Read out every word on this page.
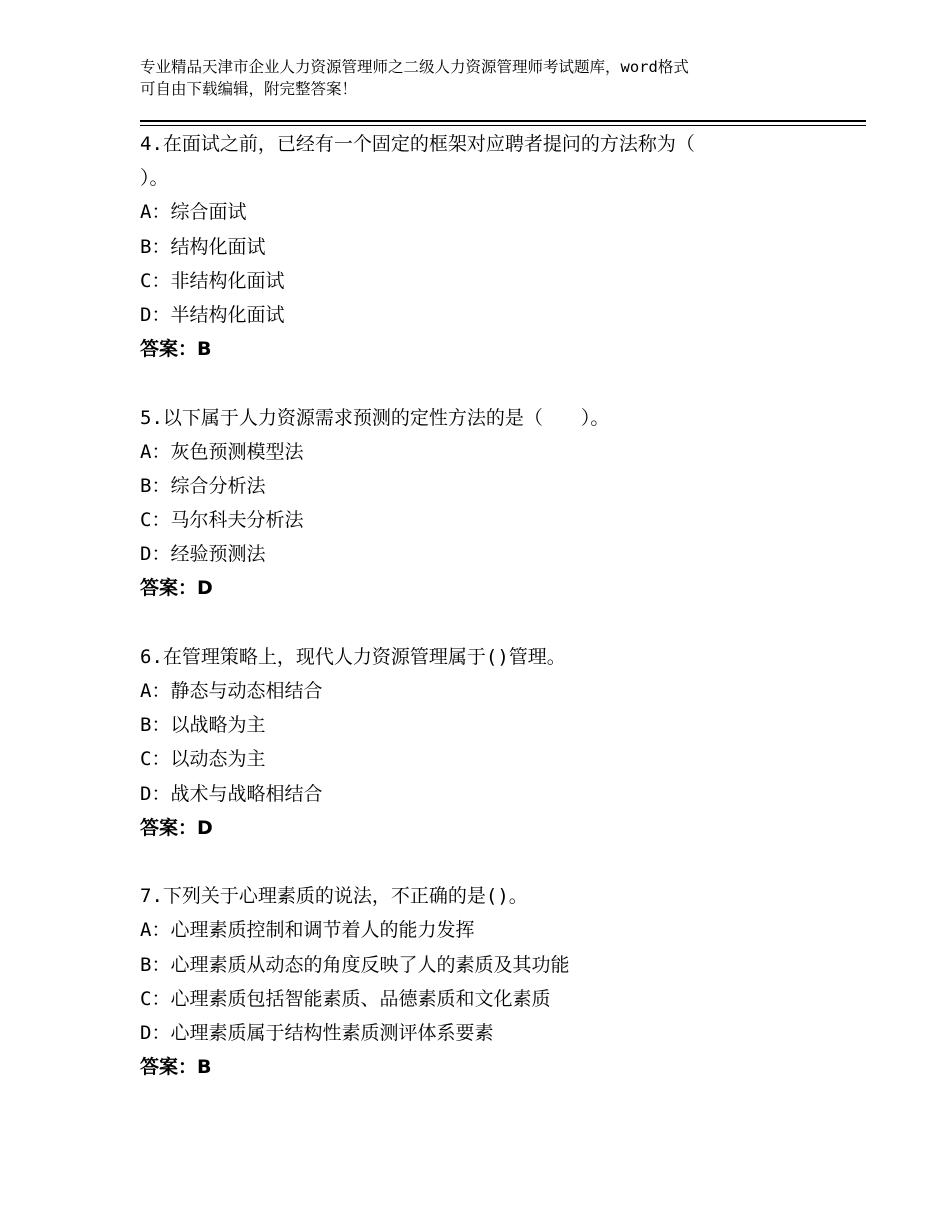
专业精品天津市企业人力资源管理师之二级人力资源管理师考试题库，word格式
可自由下载编辑，附完整答案！
4.在面试之前，已经有一个固定的框架对应聘者提问的方法称为（
）。
A：综合面试
B：结构化面试
C：非结构化面试
D：半结构化面试
答案：B
5.以下属于人力资源需求预测的定性方法的是（　　）。
A：灰色预测模型法
B：综合分析法
C：马尔科夫分析法
D：经验预测法
答案：D
6.在管理策略上，现代人力资源管理属于()管理。
A：静态与动态相结合
B：以战略为主
C：以动态为主
D：战术与战略相结合
答案：D
7.下列关于心理素质的说法，不正确的是()。
A：心理素质控制和调节着人的能力发挥
B：心理素质从动态的角度反映了人的素质及其功能
C：心理素质包括智能素质、品德素质和文化素质
D：心理素质属于结构性素质测评体系要素
答案：B
